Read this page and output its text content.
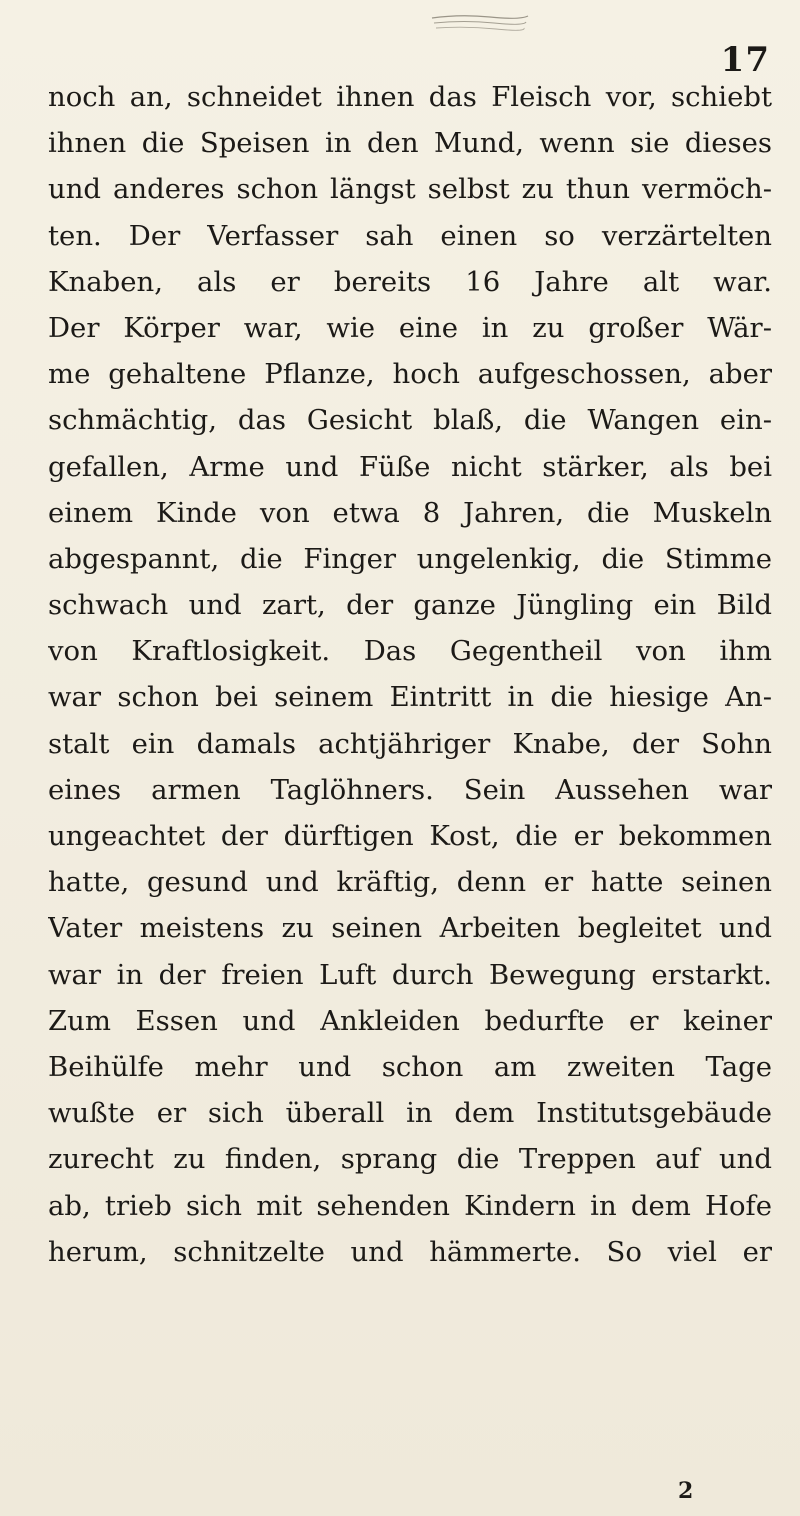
17
noch an, schneidet ihnen das Fleisch vor, schiebt
ihnen die Speisen in den Mund, wenn sie dieses
und anderes schon längst selbst zu thun vermöch-
ten. Der Verfasser sah einen so verzärtelten
Knaben, als er bereits 16 Jahre alt war.
Der Körper war, wie eine in zu großer Wär-
me gehaltene Pflanze, hoch aufgeschossen, aber
schmächtig, das Gesicht blaß, die Wangen ein-
gefallen, Arme und Füße nicht stärker, als bei
einem Kinde von etwa 8 Jahren, die Muskeln
abgespannt, die Finger ungelenkig, die Stimme
schwach und zart, der ganze Jüngling ein Bild
von Kraftlosigkeit. Das Gegentheil von ihm
war schon bei seinem Eintritt in die hiesige An-
stalt ein damals achtjähriger Knabe, der Sohn
eines armen Taglöhners. Sein Aussehen war
ungeachtet der dürftigen Kost, die er bekommen
hatte, gesund und kräftig, denn er hatte seinen
Vater meistens zu seinen Arbeiten begleitet und
war in der freien Luft durch Bewegung erstarkt.
Zum Essen und Ankleiden bedurfte er keiner
Beihülfe mehr und schon am zweiten Tage
wußte er sich überall in dem Institutsgebäude
zurecht zu finden, sprang die Treppen auf und
ab, trieb sich mit sehenden Kindern in dem Hofe
herum, schnitzelte und hämmerte. So viel er
2
